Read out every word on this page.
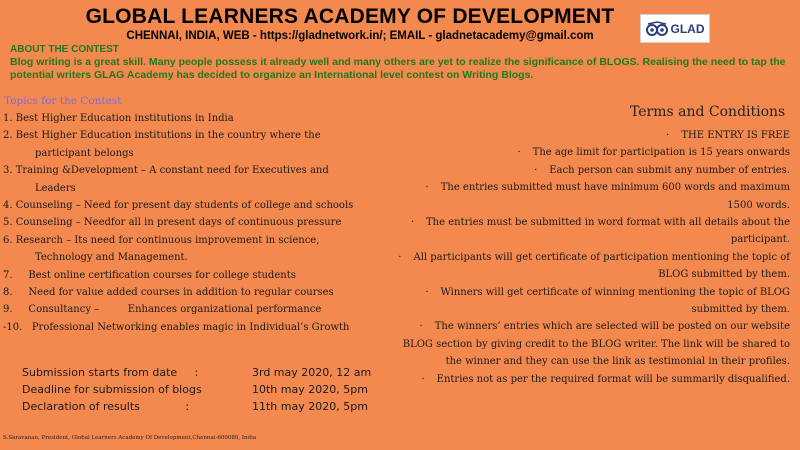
GLOBAL LEARNERS ACADEMY OF DEVELOPMENT
CHENNAI, INDIA, WEB - https://gladnetwork.in/; EMAIL - gladnetacademy@gmail.com
GLAD
ABOUT THE CONTEST
Blog writing is a great skill. Many people possess it already well and many others are yet to realize the significance of BLOGS. Realising the need to tap the potential writers GLAG Academy has decided to organize an International level contest on Writing Blogs.
Topics for the Contest
1. Best Higher Education institutions in India
2. Best Higher Education institutions in the country where the
participant belongs
3. Training &Development – A constant need for Executives and
Leaders
4. Counseling – Need for present day students of college and schools
5. Counseling – Needfor all in present days of continuous pressure
6. Research – Its need for continuous improvement in science,
Technology and Management.
7.     Best online certification courses for college students
8.     Need for value added courses in addition to regular courses
9.     Consultancy –         Enhances organizational performance
-10.   Professional Networking enables magic in Individual’s Growth
Submission starts from date     :	3rd may 2020, 12 am
Deadline for submission of blogs	10th may 2020, 5pm
Declaration of results             :	11th may 2020, 5pm
Terms and Conditions
· THE ENTRY IS FREE
· The age limit for participation is 15 years onwards
· Each person can submit any number of entries.
· The entries submitted must have minimum 600 words and maximum 1500 words.
· The entries must be submitted in word format with all details about the participant.
· All participants will get certificate of participation mentioning the topic of BLOG submitted by them.
· Winners will get certificate of winning mentioning the topic of BLOG submitted by them.
· The winners’ entries which are selected will be posted on our website BLOG section by giving credit to the BLOG writer. The link will be shared to the winner and they can use the link as testimonial in their profiles.
· Entries not as per the required format will be summarily disqualified.
S.Saravanan, President, Global Learners Academy Of Development,Chennai-600080, India
